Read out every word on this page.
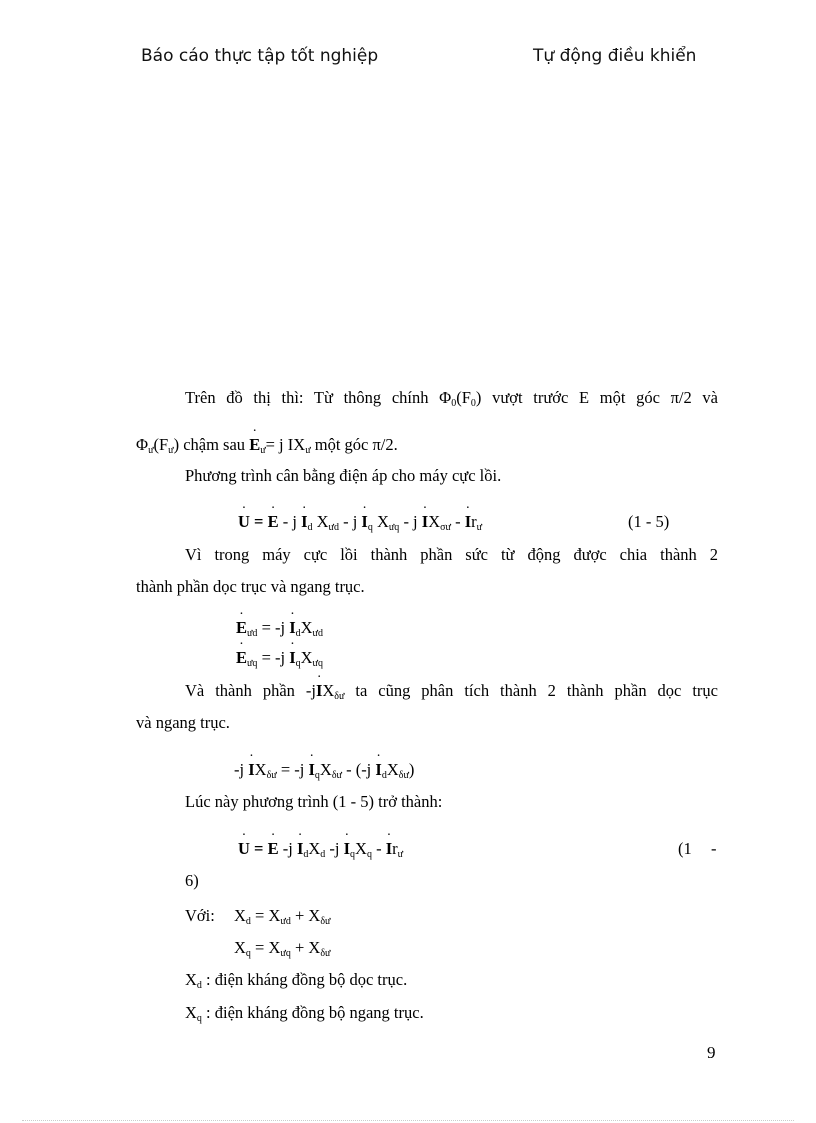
Báo cáo thực tập tốt nghiệp	Tự động điều khiển
Trên đồ thị thì: Từ thông chính $\Phi_0(F_0)$ vượt trước E một góc π/2 và
$\Phi_ư(F_ư)$ chậm sau · $E_ư= j$ $IX_ư$ một góc π/2.
Phương trình cân bằng điện áp cho máy cực lồi.
· U = · $E - j \cdot I_d$ $X_{ưd} - j \cdot I_q$ $X_{ưq} - j \cdot IX_{\sigma ư}$ - · $Ir_ư$	(1 - 5)
Vì trong máy cực lồi thành phần sức từ động được chia thành 2
thành phần dọc trục và ngang trục.
· $E_{ưd} = -j \cdot I_dX_{ưd}$
· $E_{ưq} = -j \cdot I_qX_{ưq}$
Và thành phần $-j\cdot IX_{\delta ư}$ ta cũng phân tích thành 2 thành phần dọc trục
và ngang trục.
$-j \cdot IX_{\delta ư} = -j \cdot I_qX_{\delta ư} - (-j \cdot I_dX_{\delta ư})$
Lúc này phương trình (1 - 5) trở thành:
· U = · E $-j \cdot I_dX_d$ $-j \cdot I_qX_q$ - · $Ir_ư$	(1 -
6)
Với: $X_d = X_{ưd} + X_{\delta ư}$
$X_q = X_{ưq} + X_{\delta ư}$
$X_d$ : điện kháng đồng bộ dọc trục.
$X_q$ : điện kháng đồng bộ ngang trục.
9
